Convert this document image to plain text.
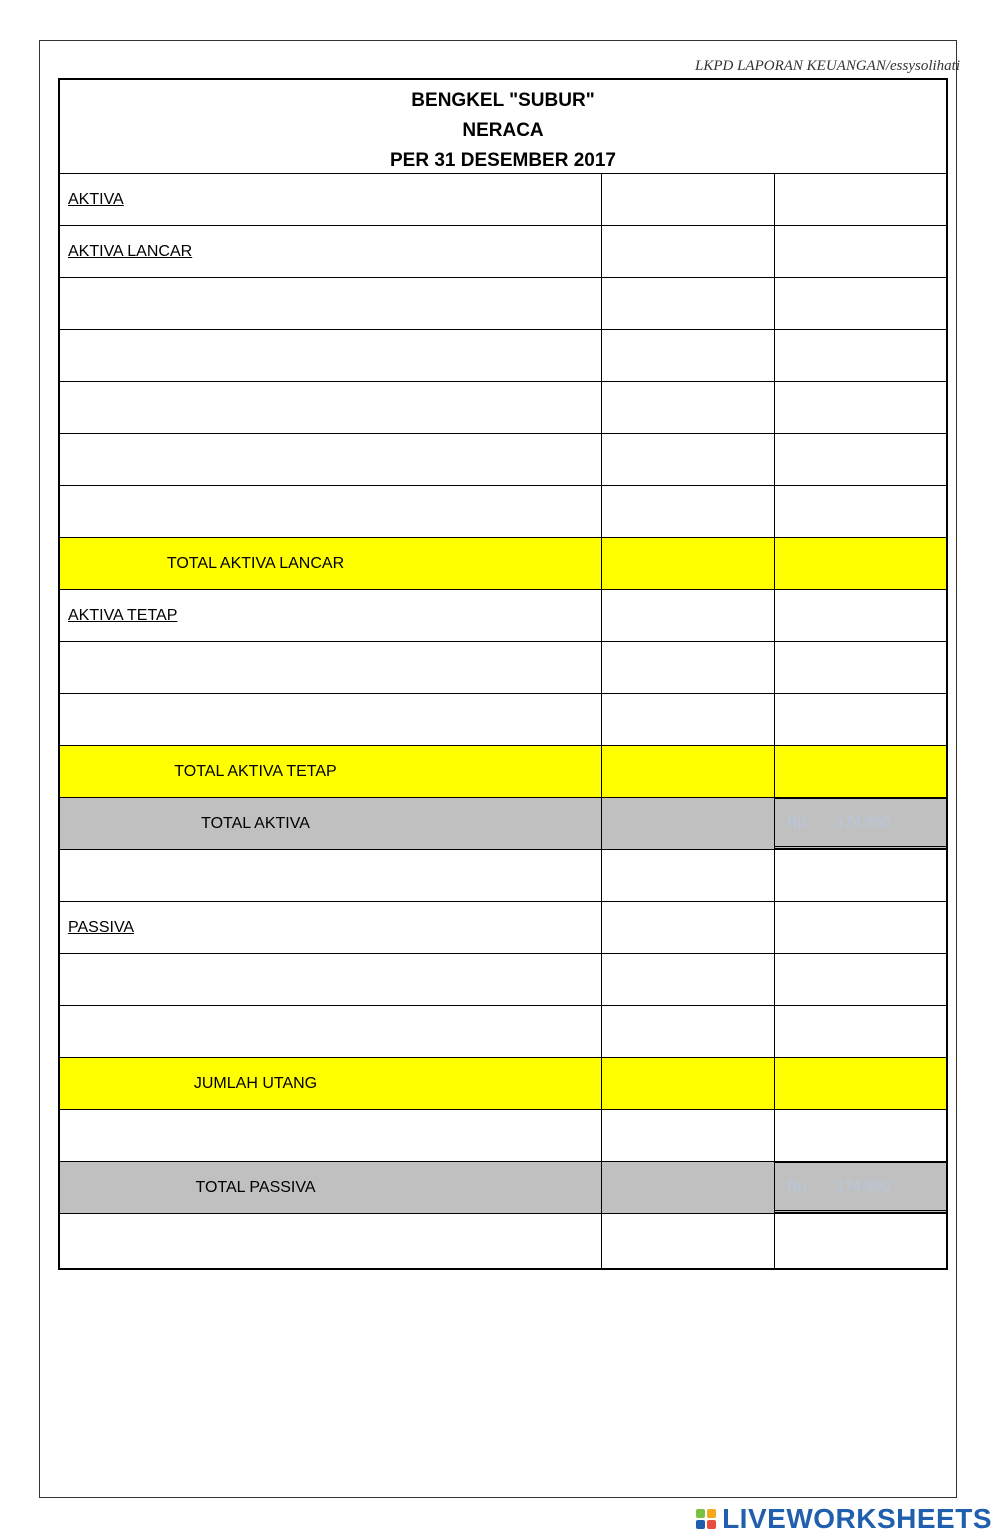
LKPD LAPORAN KEUANGAN/essysolihati
BENGKEL "SUBUR"
NERACA
PER 31 DESEMBER 2017
AKTIVA
AKTIVA LANCAR
TOTAL AKTIVA LANCAR
AKTIVA TETAP
TOTAL AKTIVA TETAP
TOTAL AKTIVA	Rp 174.950
PASSIVA
JUMLAH UTANG
TOTAL PASSIVA	Rp 174.950
LIVEWORKSHEETS
